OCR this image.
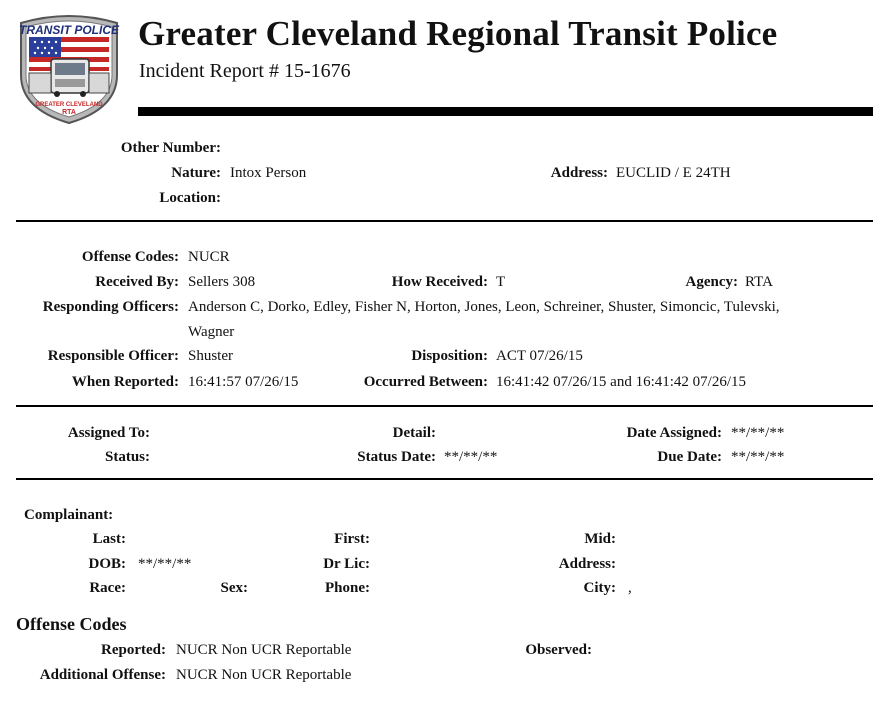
TRANSIT POLICE
GREATER CLEVELAND
RTA
Greater Cleveland Regional Transit Police
Incident Report # 15-1676
Other Number:
Nature: Intox Person	Address: EUCLID / E 24TH
Location:
Offense Codes: NUCR
Received By: Sellers 308	How Received: T	Agency: RTA
Responding Officers: Anderson C, Dorko, Edley, Fisher N, Horton, Jones, Leon, Schreiner, Shuster, Simoncic, Tulevski,
Wagner
Responsible Officer: Shuster	Disposition: ACT 07/26/15
When Reported: 16:41:57 07/26/15	Occurred Between: 16:41:42 07/26/15 and 16:41:42 07/26/15
Assigned To:	Detail:	Date Assigned: **/**/**
Status:	Status Date: **/**/**	Due Date: **/**/**
Complainant:
Last:	First:	Mid:
DOB: **/**/**	Dr Lic:	Address:
Race:	Sex:	Phone:	City: ,
Offense Codes
Reported: NUCR Non UCR Reportable	Observed:
Additional Offense: NUCR Non UCR Reportable
